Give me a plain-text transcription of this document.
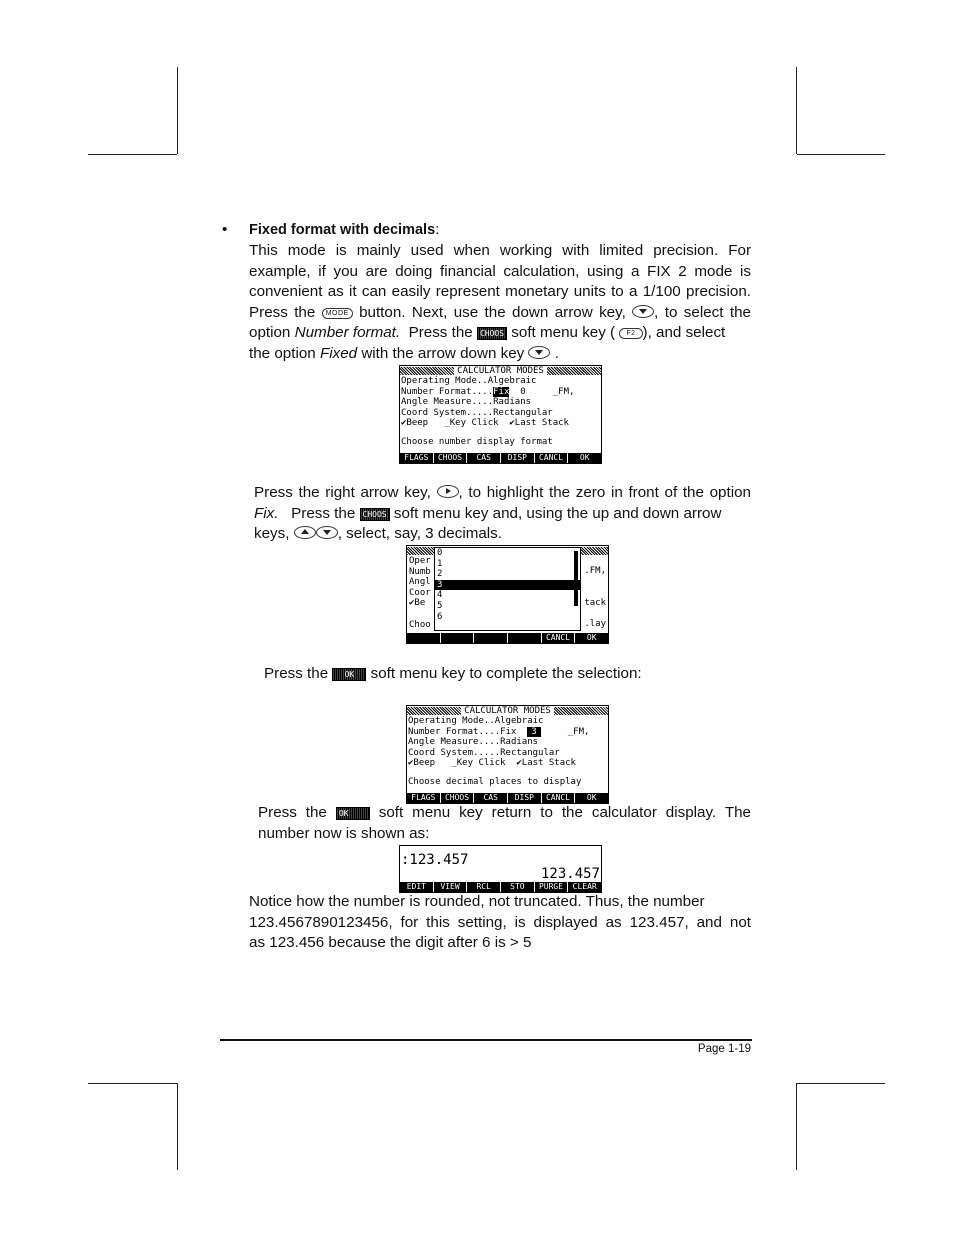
• Fixed format with decimals:
This mode is mainly used when working with limited precision. For
example, if you are doing financial calculation, using a FIX 2 mode is
convenient as it can easily represent monetary units to a 1/100 precision.
Press the MODE button. Next, use the down arrow key, , to select the
option Number format. Press the CHOOS soft menu key ( F2 ), and select
the option Fixed with the arrow down key .
CALCULATOR MODES
Operating Mode..Algebraic
Number Format....Fix  0     _FM,
Angle Measure....Radians
Coord System.....Rectangular
✔Beep   _Key Click  ✔Last Stack
Choose number display format
FLAGS	CHOOS	CAS	DISP	CANCL	OK
Press the right arrow key, , to highlight the zero in front of the option
Fix. Press the CHOOS soft menu key and, using the up and down arrow
keys,	, select, say, 3 decimals.
Oper
Numb
Angl
Coor
✔Be

Choo
.FM,

tack

.lay
0
1
2
3
4
5
6
CANCL	OK
Press the OK soft menu key to complete the selection:
CALCULATOR MODES
Operating Mode..Algebraic
Number Format....Fix  3     _FM,
Angle Measure....Radians
Coord System.....Rectangular
✔Beep   _Key Click  ✔Last Stack
Choose decimal places to display
FLAGS	CHOOS	CAS	DISP	CANCL	OK
Press the OK soft menu key return to the calculator display. The
number now is shown as:
:123.457
123.457
EDIT	VIEW	RCL	STO	PURGE	CLEAR
Notice how the number is rounded, not truncated. Thus, the number
123.4567890123456, for this setting, is displayed as 123.457, and not
as 123.456 because the digit after 6 is > 5
Page 1-19
